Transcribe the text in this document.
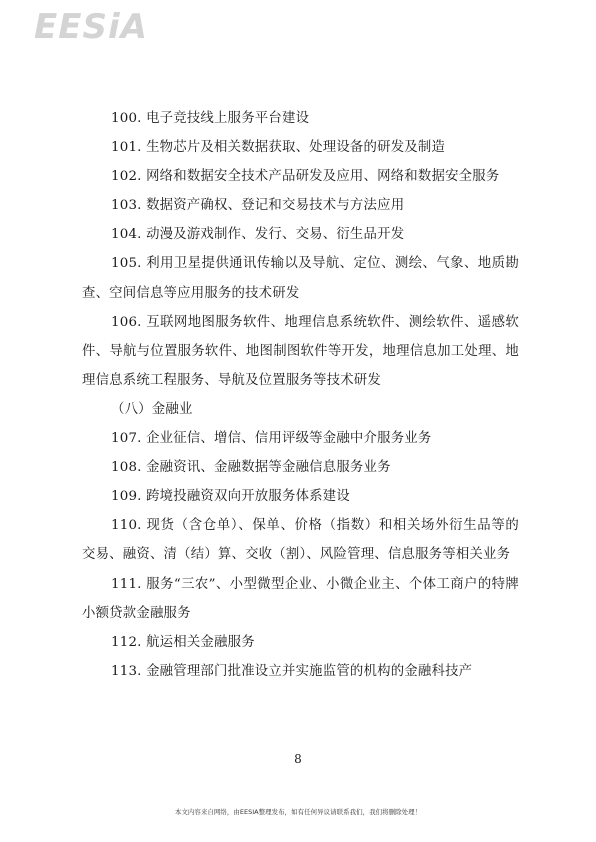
EESiA

100. 电子竞技线上服务平台建设

101. 生物芯片及相关数据获取、处理设备的研发及制造

102. 网络和数据安全技术产品研发及应用、网络和数据安全服务

103. 数据资产确权、登记和交易技术与方法应用

104. 动漫及游戏制作、发行、交易、衍生品开发

105. 利用卫星提供通讯传输以及导航、定位、测绘、气象、地质勘查、空间信息等应用服务的技术研发

106. 互联网地图服务软件、地理信息系统软件、测绘软件、遥感软件、导航与位置服务软件、地图制图软件等开发，地理信息加工处理、地理信息系统工程服务、导航及位置服务等技术研发

（八）金融业

107. 企业征信、增信、信用评级等金融中介服务业务

108. 金融资讯、金融数据等金融信息服务业务

109. 跨境投融资双向开放服务体系建设

110. 现货（含仓单）、保单、价格（指数）和相关场外衍生品等的交易、融资、清（结）算、交收（割）、风险管理、信息服务等相关业务

111. 服务“三农”、小型微型企业、小微企业主、个体工商户的特牌小额贷款金融服务

112. 航运相关金融服务

113. 金融管理部门批准设立并实施监管的机构的金融科技产

8
本文内容来自网络，由EESIA整理发布，如有任何异议请联系我们，我们将删除处理！
